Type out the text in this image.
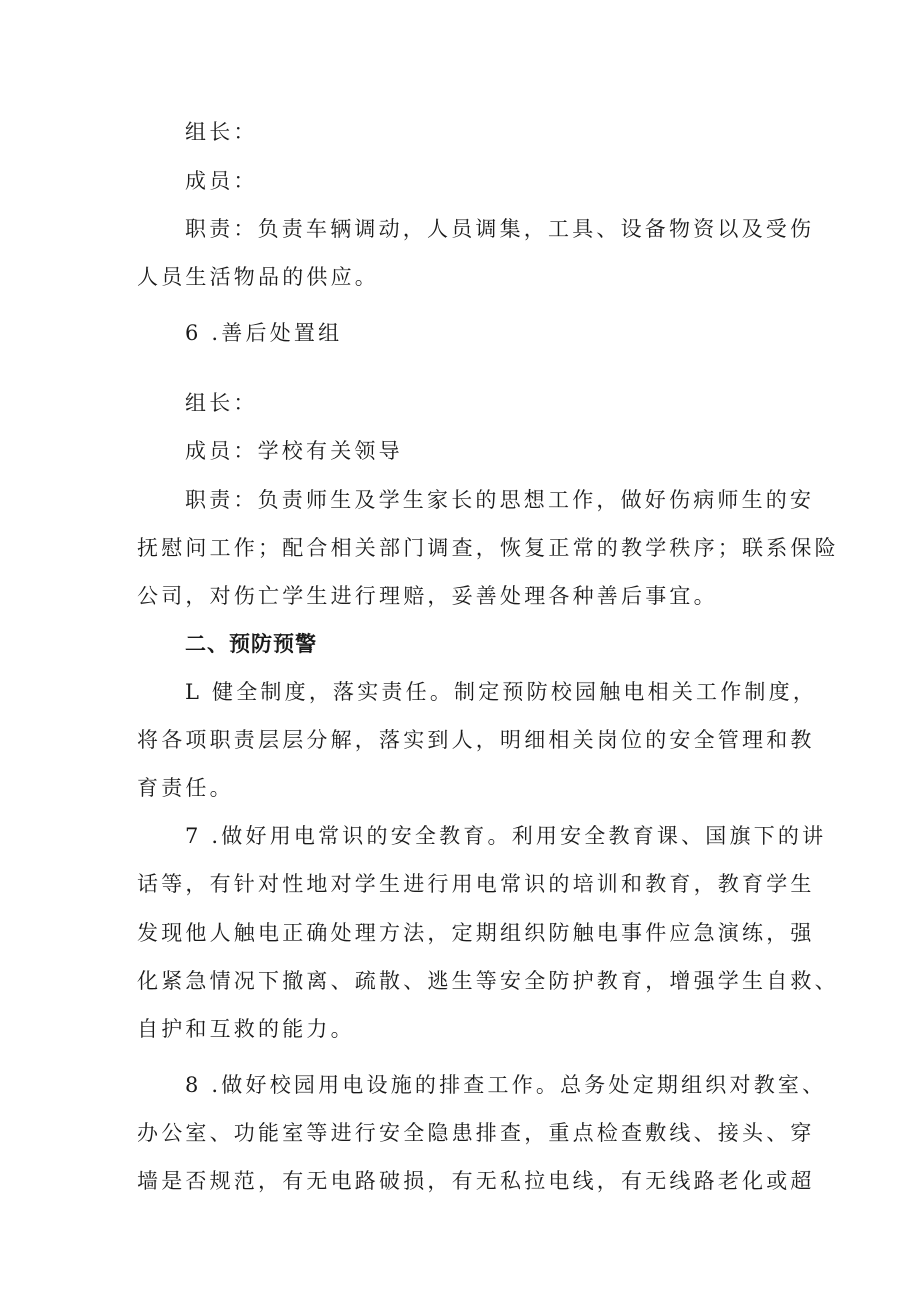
组长：
成员：
职责：负责车辆调动，人员调集，工具、设备物资以及受伤
人员生活物品的供应。
6 .善后处置组
组长：
成员：学校有关领导
职责：负责师生及学生家长的思想工作，做好伤病师生的安
抚慰问工作；配合相关部门调查，恢复正常的教学秩序；联系保险
公司，对伤亡学生进行理赔，妥善处理各种善后事宜。
二、预防预警
L 健全制度，落实责任。制定预防校园触电相关工作制度，
将各项职责层层分解，落实到人，明细相关岗位的安全管理和教
育责任。
7 .做好用电常识的安全教育。利用安全教育课、国旗下的讲
话等，有针对性地对学生进行用电常识的培训和教育，教育学生
发现他人触电正确处理方法，定期组织防触电事件应急演练，强
化紧急情况下撤离、疏散、逃生等安全防护教育，增强学生自救、
自护和互救的能力。
8 .做好校园用电设施的排查工作。总务处定期组织对教室、
办公室、功能室等进行安全隐患排查，重点检查敷线、接头、穿
墙是否规范，有无电路破损，有无私拉电线，有无线路老化或超
